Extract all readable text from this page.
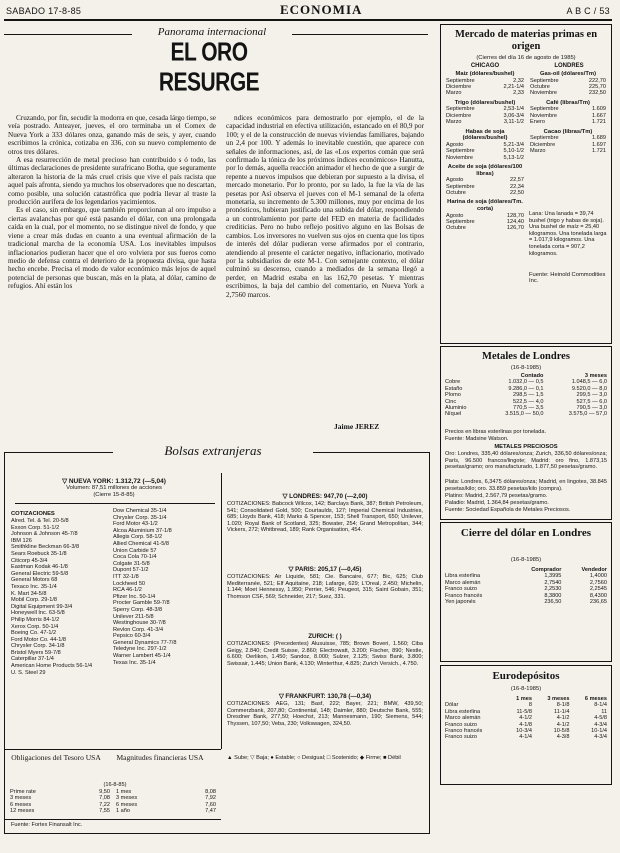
SABADO 17-8-85	ECONOMIA	A B C / 53
Panorama internacional
EL ORO RESURGE

Cruzando, por fin, secudir la modorra en que, cesada lárgo tiempo, se veía postrado. Anteayer, jueves, el oro terminaba un el Comex de Nueva York a 333 dólares onza, ganando más de seis, y ayer, cuando escribimos la crónica, cotizaba en 336, con su nuevo complemento de otros tres dólares.

A esa resurrección de metal precioso han contribuido s ó todo, las últimas declaraciones de presidente surafricano Botha, que seguramente alteraron la historia de la más cruel crisis que vive el país racista que aquel país afronta, siendo ya muchos los observadores que no descartan, como posible, una solución catastrófica que podría llevar al traste la producción aurífera de los legendarios yacimientos.

Es el caso, sin embargo, que también proporcionan al oro impulso a ciertas avalanchas por qué está pasando el dólar, con una prolongada caída en la cual, por el momento, no se distingue nivel de fondo, y que viene a crear más dudas en cuanto a una eventual afirmación de la tradicional marcha de la economía USA. Los inevitables impulsos inflacionarios pudieran hacer que el oro volviera por sus fueros como medio de defensa contra el deterioro de la propuesta divisa, que hasta hecho encebe. Precisa el modo de valor económico más lejos de aquel potencial de personas que buscan, más en la plata, al dólar, camino de refugios. Ahí están los

ndices económicos para demostrarlo por ejemplo, el de la capacidad industrial en efectiva utilización, estancado en el 80,9 por 100; y el de la construcción de nuevas viviendas familiares, bajando un 2,4 por 100. Y además lo inevitable cuestión, que aparece con señales de informaciones, así, de las «Los expertos comán que será confirmado la tónica de los próximos índices económicos» Hanutta, por lo demás, aquella reacción animador el hecho de que a surgir de repente a nuevos impulsos que debieran por supuesto a la divisa, el mercado monetario. Por lo pronto, por su lado, la fue la vía de las pesetas por Así observa el jueves con el M-1 semanal de la oferta monetaria, su incremento de 5.300 millones, muy por encima de los pronósticos, hubieran justificado una subida del dólar, respondiendo a un controlamiento por parte del FED en materia de facilidades crediticias. Pero no hubo reflejo positivo alguno en las Bolsas de cambios. Los inversores no vuelven sus ojos en cuenta que los tipos de interés del dólar pudieran verse afirmados por el contrario, atendiendo al presente el carácter negativo, inflacionario, motivado por la subsidiarios de este M-1. Con semejante contexto, el dólar culminó su descenso, cuando a mediados de la semana llegó a perder, en Madrid estaba en las 162,70 pesetas. Y mientras escribimos, la baja del cambio del comentario, en Nueva York a 2,7560 marcos.

Jaime JEREZ
Bolsas extranjeras
▽ NUEVA YORK: 1.312,72 (—5,04)
Volumen: 87,51 millones de acciones
(Cierre 15-8-85)
COTIZACIONES
Alred. Tel. & Tel. 20-5/8
Exxon Corp. 51-1/2
Johnson & Johnson 45-7/8
IBM 126
Smithkline Beckman 66-3/8
Sears Roebuck 35-1/8
Citicorp 45-3/4
Eastman Kodak 46-1/8
General Electric 59-5/8
General Motors 68
Texaco Inc. 35-1/4
K. Mart 34-5/8
Mobil Corp. 29-1/8
Digital Equipment 99-3/4
Honeywell Inc. 63-5/8
Philip Morris 84-1/2
Xerox Corp. 50-1/4
Boeing Co. 47-1/2
Ford Motor Co. 44-1/8
Chrysler Corp. 34-1/8
Bristol Myers 59-7/8
Caterpillar 37-1/4
American Home Products 56-1/4
U. S. Steel 29
Dow Chemical 35-1/4
Chrysler Corp. 35-1/4
Ford Motor 43-1/2
Alcoa Aluminium 37-1/8
Allegis Corp. 58-1/2
Allied Chemical 41-5/8
Union Carbide 57
Coca Cola 70-1/4
Colgate 31-5/8
Dupont 57-1/2
ITT 32-1/8
Lockheed 50
RCA 46-1/2
Pfizer Inc. 50-1/4
Procter Gamble 59-7/8
Sperry Corp. 48-3/8
Unilever 211-5/8
Westinghouse 30-7/8
Revlon Corp. 41-3/4
Pepsico 60-3/4
General Dynamics 77-7/8
Teledyne Inc. 297-1/2
Warner Lambert 45-1/4
Texas Inc. 35-1/4
▽ LONDRES: 947,70 (—2,00)

COTIZACIONES: Babcock Wilcox, 142; Barclays Bank, 387; British Petroleum, 541; Consolidated Gold, 500; Courtaulds, 127; Imperial Chemical Industries, 685; Lloyds Bank, 418; Marks & Spencer, 153; Shell Transport, 650; Unilever, 1.020; Royal Bank of Scotland, 325; Bowater, 254; Grand Metropolitan, 344; Vickers, 272; Whitbread, 189; Rank Organisation, 454.

▽ PARIS: 205,17 (—0,45)

COTIZACIONES: Air Liquide, 581; Cie. Bancaire, 677; Bic, 625; Club Mediterranée, 521; Elf Aquitaine, 218; Lafarge, 629; L'Oreal, 2.450; Michelin, 1.144; Moet Hennessy, 1.950; Perrier, 546; Peugeot, 315; Saint Gobain, 351; Thomson CSF, 569; Schneider, 217; Suez, 331.

ZURICH: ( )

COTIZACIONES: (Precedentes) Alusuisse, 785; Brown Boveri, 1.560; Ciba Geigy, 2.840; Credit Suisse, 2.860; Electrowatt, 3.200; Fischer, 890; Nestle, 6.600; Oerlikon, 1.450; Sandoz, 8.000; Sulzer, 2.125; Swiss Bank, 3.800; Swissair, 1.445; Union Bank, 4.130; Winterthur, 4.825; Zurich Versich., 4.750.

▽ FRANKFURT: 130,78 (—0,34)

COTIZACIONES: AEG, 131; Basf, 222; Bayer, 221; BMW, 439,50; Commerzbank, 207,80; Continental, 148; Daimler, 880; Deutsche Bank, 555; Dresdner Bank, 277,50; Hoechst, 213; Mannesmann, 190; Siemens, 544; Thyssen, 107,50; Veba, 230; Volkswagen, 324,50.

▲ Sube; ▽ Baja; ● Estable; ○ Desigual; □ Sostenido; ◆ Firme; ■ Débil

Obligaciones del Tesoro USA Magnitudes financieras USA
(16-8-85)
Prime rate	9,50
3 meses	7,08
6 meses	7,22
12 meses	7,55
1 mes	8,08
3 meses	7,92
6 meses	7,60
1 año	7,47
Fuente: Fortex Finansalt Inc.
Mercado de materias primas en origen
(Cierres del día 16 de agosto de 1985)
CHICAGO	LONDRES
Maíz (dólares/bushel)
Septiembre	2,32
Diciembre	2,21-1/4
Marzo	2,33
Trigo (dólares/bushel)
Septiembre	2,53-1/4
Diciembre	3,06-3/4
Marzo	3,11-1/2
Habas de soja (dólares/bushel)
Agosto	5,21-3/4
Septiembre	5,10-1/2
Noviembre	5,13-1/2
Aceite de soja (dólares/100 libras)
Agosto	22,57
Septiembre	22,34
Octubre	22,50
Harina de soja (dólares/Tm. corta)
Agosto	128,70
Septiembre	124,40
Octubre	126,70
Gas-oil (dólares/Tm)
Septiembre	222,70
Octubre	225,70
Noviembre	232,50
Café (libras/Tm)
Septiembre	1.609
Noviembre	1.667
Enero	1.721
Cacao (libras/Tm)
Septiembre	1.689
Diciembre	1.697
Marzo	1.721

Lana: Una lanada = 39,74 bushel (trigo y habas de soja). Una bushel de maíz = 25,40 kilogramos. Una tonelada larga = 1.017,9 kilogramos. Una tonelada corta = 907,2 kilogramos.

Fuente: Heinold Commodities Inc.
Metales de Londres
(16-8-1985)
	Contado	3 meses
Cobre	1.032,0 — 0,5	1.048,5 — 6,0
Estaño	9.286,0 — 0,1	9.520,0 — 8,0
Plomo	298,5 — 1,5	299,5 — 3,0
Cinc	522,5 — 4,0	527,5 — 6,0
Aluminio	770,5 — 3,5	790,5 — 3,0
Níquel	3.515,0 — 50,0	3.575,0 — 57,0
Precios en libras esterlinas por tonelada.
Fuente: Madsine Watson.
METALES PRECIOSOS

Oro: Londres, 335,40 dólares/onza; Zurich, 336,50 dólares/onza; París, 96.500 francos/lingote; Madrid: oro fino, 1.873,15 pesetas/gramo; oro manufacturado, 1.877,50 pesetas/gramo.

Plata: Londres, 6,3475 dólares/onza; Madrid, en lingotes, 38.845 pesetas/kilo; oro. 33.859 pesetas/kilo (compra).

Platino: Madrid, 2.567,79 pesetas/gramo.
Paladio: Madrid, 1.364,84 pesetas/gramo.
Fuente: Sociedad Española de Metales Preciosos.
Cierre del dólar en Londres
(16-8-1985)
	Comprador	Vendedor
Libra esterlina	1,3995	1,4000
Marco alemán	2,7540	2,7560
Franco suizo	2,2530	2,2545
Franco francés	8,3800	8,4300
Yen japonés	236,50	236,65
Eurodepósitos
(16-8-1985)
	1 mes	3 meses	6 meses
Dólar	8	8-1/8	8-1/4
Libra esterlina	11-5/8	11-1/4	11
Marco alemán	4-1/2	4-1/2	4-5/8
Franco suizo	4-1/8	4-1/2	4-3/4
Franco francés	10-3/4	10-5/8	10-1/4
Franco suizo	4-1/4	4-3/8	4-3/4
